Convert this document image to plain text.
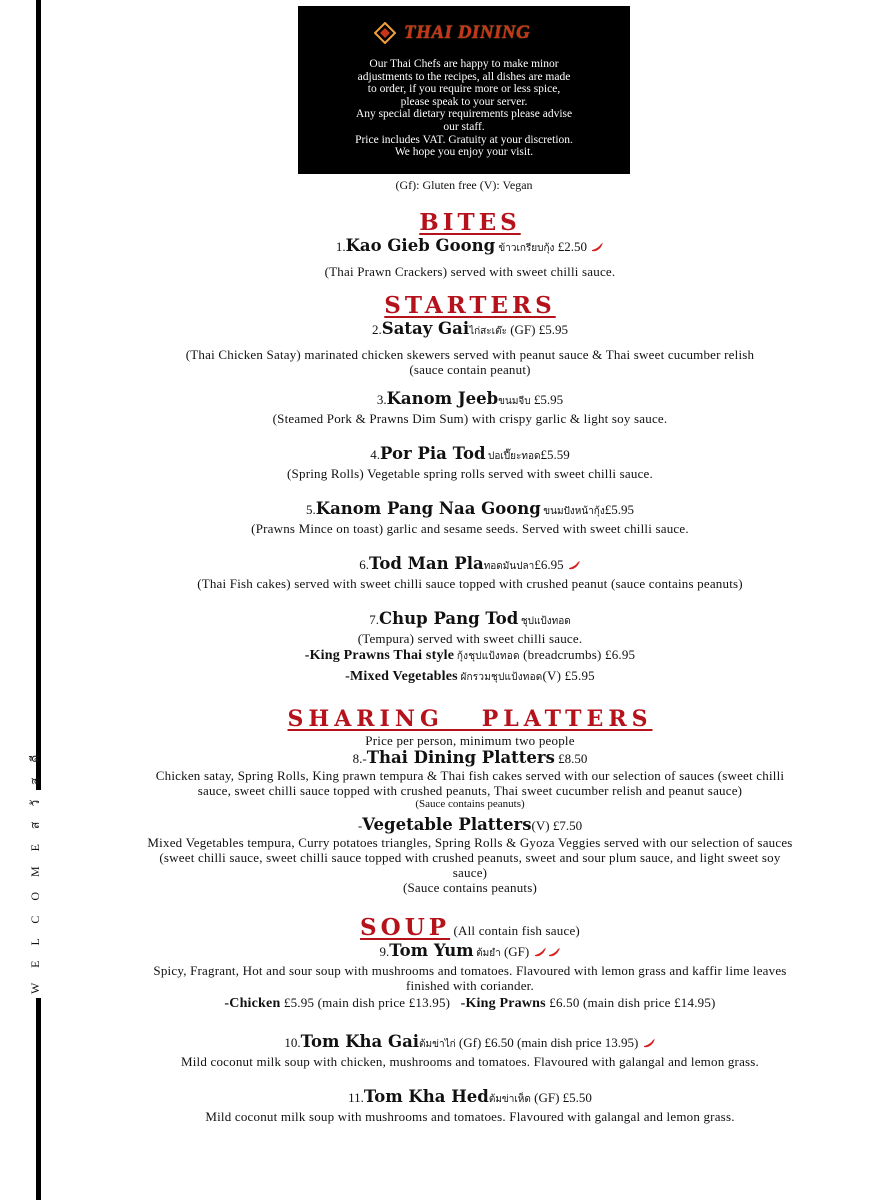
W E L C O M E ส วั ส ดี
THAI DINING
Our Thai Chefs are happy to make minor
adjustments to the recipes, all dishes are made
to order, if you require more or less spice,
please speak to your server.
Any special dietary requirements please advise
our staff.
Price includes VAT. Gratuity at your discretion.
We hope you enjoy your visit.
(Gf): Gluten free (V): Vegan
BITES
1.Kao Gieb Goong ข้าวเกรียบกุ้ง £2.50
(Thai Prawn Crackers) served with sweet chilli sauce.
STARTERS
2.Satay Gaiไก่สะเต๊ะ (GF) £5.95
(Thai Chicken Satay) marinated chicken skewers served with peanut sauce & Thai sweet cucumber relish
(sauce contain peanut)
3.Kanom Jeebขนมจีบ £5.95
(Steamed Pork & Prawns Dim Sum) with crispy garlic & light soy sauce.
4.Por Pia Tod ปอเปี๊ยะทอด£5.59
(Spring Rolls) Vegetable spring rolls served with sweet chilli sauce.
5.Kanom Pang Naa Goong ขนมปังหน้ากุ้ง£5.95
(Prawns Mince on toast) garlic and sesame seeds. Served with sweet chilli sauce.
6.Tod Man Plaทอดมันปลา£6.95
(Thai Fish cakes) served with sweet chilli sauce topped with crushed peanut (sauce contains peanuts)
7.Chup Pang Tod ชุปแป้งทอด
(Tempura) served with sweet chilli sauce.
-King Prawns Thai style กุ้งชุปแป้งทอด (breadcrumbs) £6.95
-Mixed Vegetables ผักรวมชุปแป้งทอด(V) £5.95
SHARING   PLATTERS
Price per person, minimum two people
8.-Thai Dining Platters £8.50
Chicken satay, Spring Rolls, King prawn tempura & Thai fish cakes served with our selection of sauces (sweet chilli
sauce, sweet chilli sauce topped with crushed peanuts, Thai sweet cucumber relish and peanut sauce)
(Sauce contains peanuts)
-Vegetable Platters(V) £7.50
Mixed Vegetables tempura, Curry potatoes triangles, Spring Rolls & Gyoza Veggies served with our selection of sauces
(sweet chilli sauce, sweet chilli sauce topped with crushed peanuts, sweet and sour plum sauce, and light sweet soy
sauce)
(Sauce contains peanuts)
SOUP (All contain fish sauce)
9.Tom Yum ต้มยำ (GF)
Spicy, Fragrant, Hot and sour soup with mushrooms and tomatoes. Flavoured with lemon grass and kaffir lime leaves
finished with coriander.
-Chicken £5.95 (main dish price £13.95) -King Prawns £6.50 (main dish price £14.95)
10.Tom Kha Gaiต้มข่าไก่ (Gf) £6.50 (main dish price 13.95)
Mild coconut milk soup with chicken, mushrooms and tomatoes. Flavoured with galangal and lemon grass.
11.Tom Kha Hedต้มข่าเห็ด (GF) £5.50
Mild coconut milk soup with mushrooms and tomatoes. Flavoured with galangal and lemon grass.
